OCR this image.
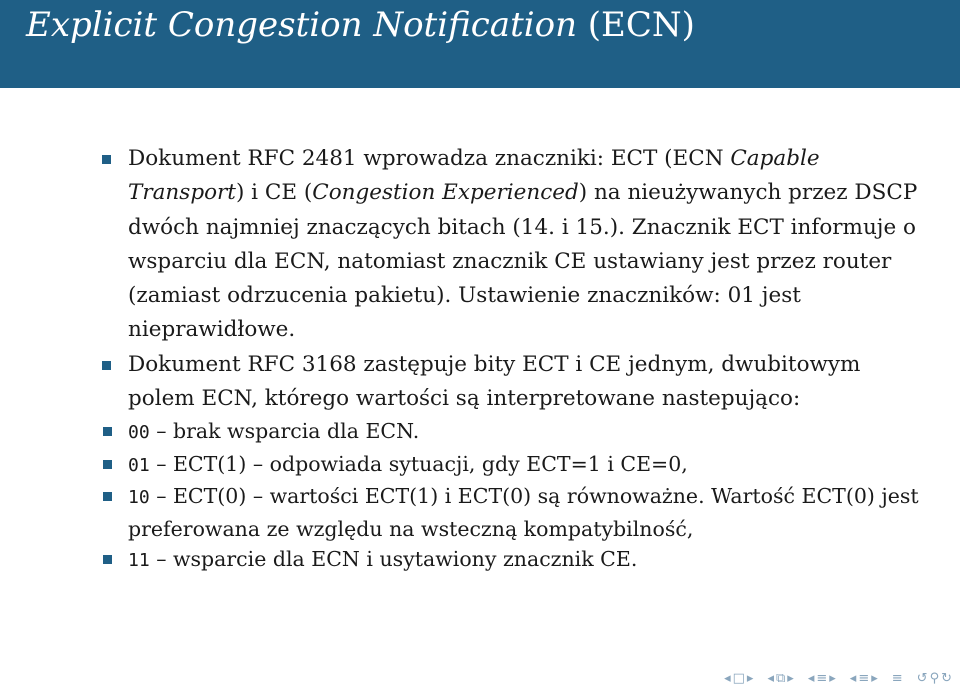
Explicit Congestion Notification (ECN)
Dokument RFC 2481 wprowadza znaczniki: ECT (ECN Capable Transport) i CE (Congestion Experienced) na nieużywanych przez DSCP dwóch najmniej znaczących bitach (14. i 15.). Znacznik ECT informuje o wsparciu dla ECN, natomiast znacznik CE ustawiany jest przez router (zamiast odrzucenia pakietu). Ustawienie znaczników: 01 jest nieprawidłowe.
Dokument RFC 3168 zastępuje bity ECT i CE jednym, dwubitowym polem ECN, którego wartości są interpretowane nastepująco:
00 – brak wsparcia dla ECN.
01 – ECT(1) – odpowiada sytuacji, gdy ECT=1 i CE=0,
10 – ECT(0) – wartości ECT(1) i ECT(0) są równoważne. Wartość ECT(0) jest preferowana ze względu na wsteczną kompatybilność,
11 – wsparcie dla ECN i usytawiony znacznik CE.
◂ □ ▸ ◂ ⧉ ▸ ◂ ≡ ▸ ◂ ≡ ▸ ≡ ↺ ⚲ ↻
